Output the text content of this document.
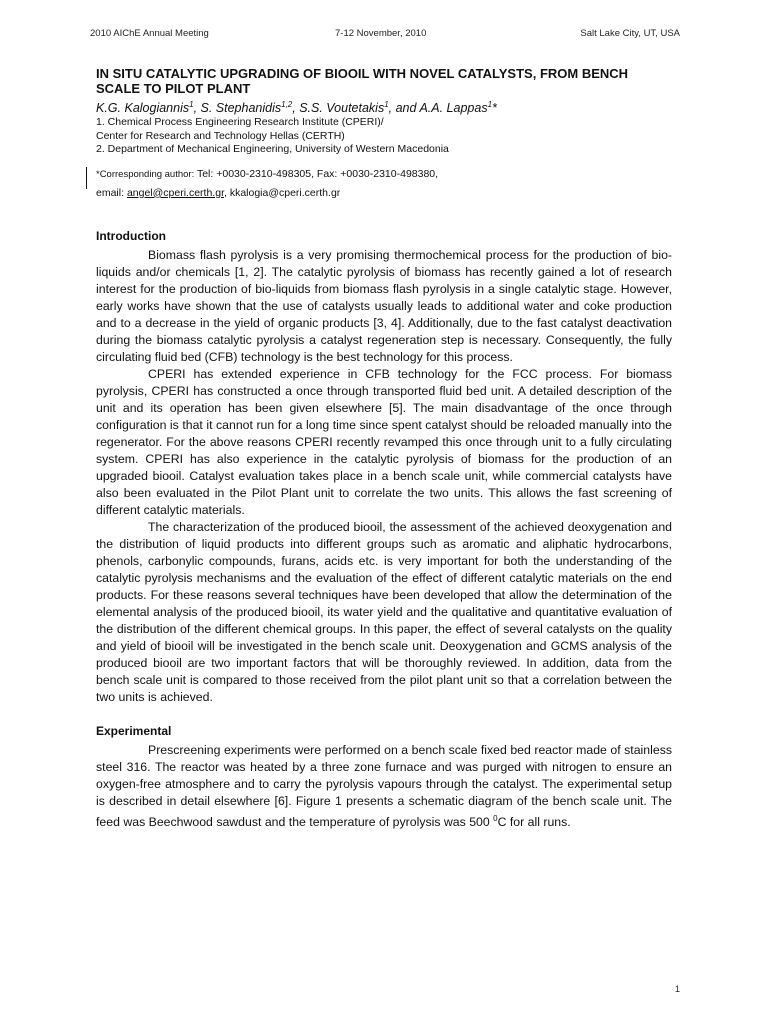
2010 AIChE Annual Meeting	7-12 November, 2010	Salt Lake City, UT, USA
IN SITU CATALYTIC UPGRADING OF BIOOIL WITH NOVEL CATALYSTS, FROM BENCH SCALE TO PILOT PLANT
K.G. Kalogiannis$^1$, S. Stephanidis$^{1,2}$, S.S. Voutetakis$^1$, and A.A. Lappas$^1$*
1. Chemical Process Engineering Research Institute (CPERI)/
Center for Research and Technology Hellas (CERTH)
2. Department of Mechanical Engineering, University of Western Macedonia
*Corresponding author: Tel: +0030-2310-498305, Fax: +0030-2310-498380,
email: angel@cperi.certh.gr, kkalogia@cperi.certh.gr
Introduction

Biomass flash pyrolysis is a very promising thermochemical process for the production of bio-liquids and/or chemicals [1, 2]. The catalytic pyrolysis of biomass has recently gained a lot of research interest for the production of bio-liquids from biomass flash pyrolysis in a single catalytic stage. However, early works have shown that the use of catalysts usually leads to additional water and coke production and to a decrease in the yield of organic products [3, 4]. Additionally, due to the fast catalyst deactivation during the biomass catalytic pyrolysis a catalyst regeneration step is necessary. Consequently, the fully circulating fluid bed (CFB) technology is the best technology for this process.

CPERI has extended experience in CFB technology for the FCC process. For biomass pyrolysis, CPERI has constructed a once through transported fluid bed unit. A detailed description of the unit and its operation has been given elsewhere [5]. The main disadvantage of the once through configuration is that it cannot run for a long time since spent catalyst should be reloaded manually into the regenerator. For the above reasons CPERI recently revamped this once through unit to a fully circulating system. CPERI has also experience in the catalytic pyrolysis of biomass for the production of an upgraded biooil. Catalyst evaluation takes place in a bench scale unit, while commercial catalysts have also been evaluated in the Pilot Plant unit to correlate the two units. This allows the fast screening of different catalytic materials.

The characterization of the produced biooil, the assessment of the achieved deoxygenation and the distribution of liquid products into different groups such as aromatic and aliphatic hydrocarbons, phenols, carbonylic compounds, furans, acids etc. is very important for both the understanding of the catalytic pyrolysis mechanisms and the evaluation of the effect of different catalytic materials on the end products. For these reasons several techniques have been developed that allow the determination of the elemental analysis of the produced biooil, its water yield and the qualitative and quantitative evaluation of the distribution of the different chemical groups. In this paper, the effect of several catalysts on the quality and yield of biooil will be investigated in the bench scale unit. Deoxygenation and GCMS analysis of the produced biooil are two important factors that will be thoroughly reviewed. In addition, data from the bench scale unit is compared to those received from the pilot plant unit so that a correlation between the two units is achieved.

Experimental

Prescreening experiments were performed on a bench scale fixed bed reactor made of stainless steel 316. The reactor was heated by a three zone furnace and was purged with nitrogen to ensure an oxygen-free atmosphere and to carry the pyrolysis vapours through the catalyst. The experimental setup is described in detail elsewhere [6]. Figure 1 presents a schematic diagram of the bench scale unit. The feed was Beechwood sawdust and the temperature of pyrolysis was 500 $^0$C for all runs.

1
